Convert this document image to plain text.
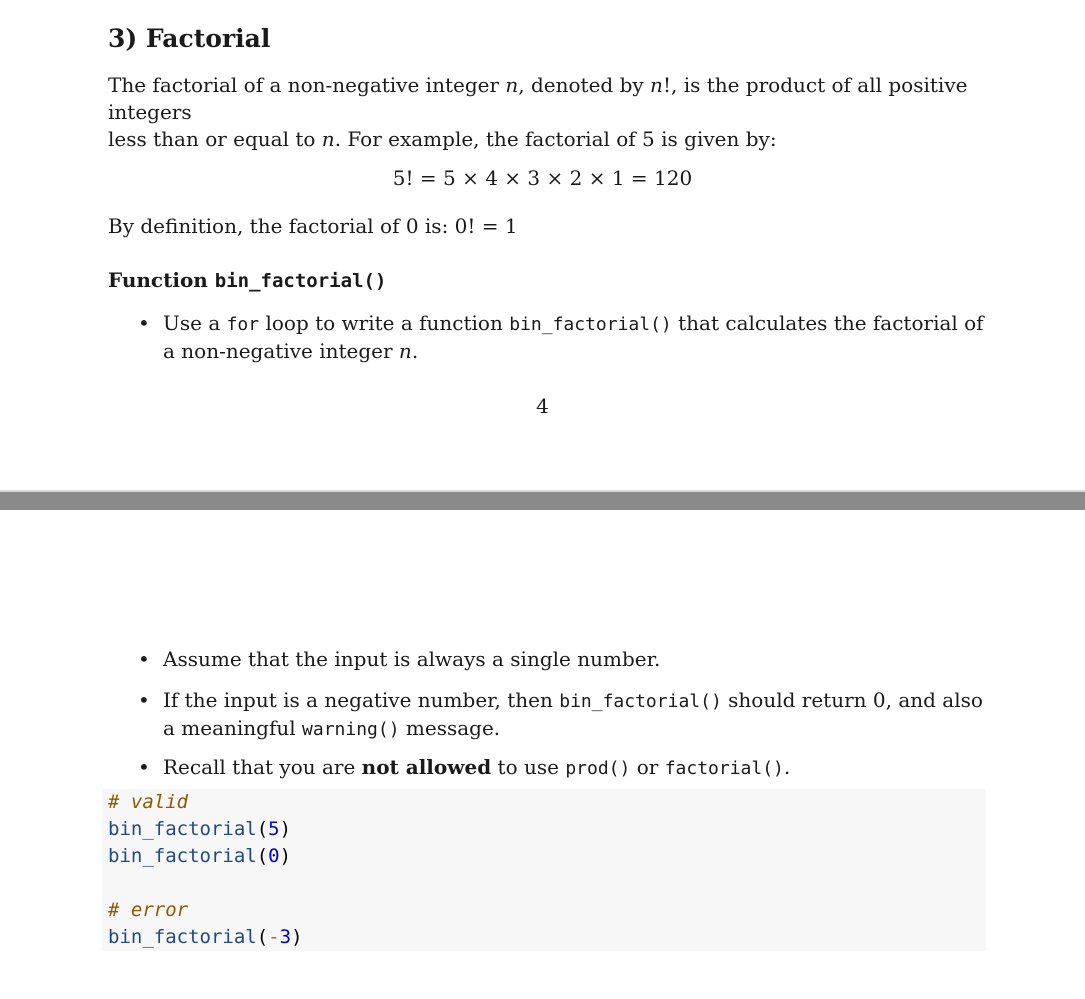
3) Factorial

The factorial of a non-negative integer n, denoted by n!, is the product of all positive integers
less than or equal to n. For example, the factorial of 5 is given by:

5! = 5 × 4 × 3 × 2 × 1 = 120

By definition, the factorial of 0 is: 0! = 1

Function bin_factorial()
• Use a for loop to write a function bin_factorial() that calculates the factorial of a non-negative integer n.
4
• Assume that the input is always a single number.
• If the input is a negative number, then bin_factorial() should return 0, and also a meaningful warning() message.
• Recall that you are not allowed to use prod() or factorial().
# valid
bin_factorial(5)
bin_factorial(0)
# error
bin_factorial(-3)
